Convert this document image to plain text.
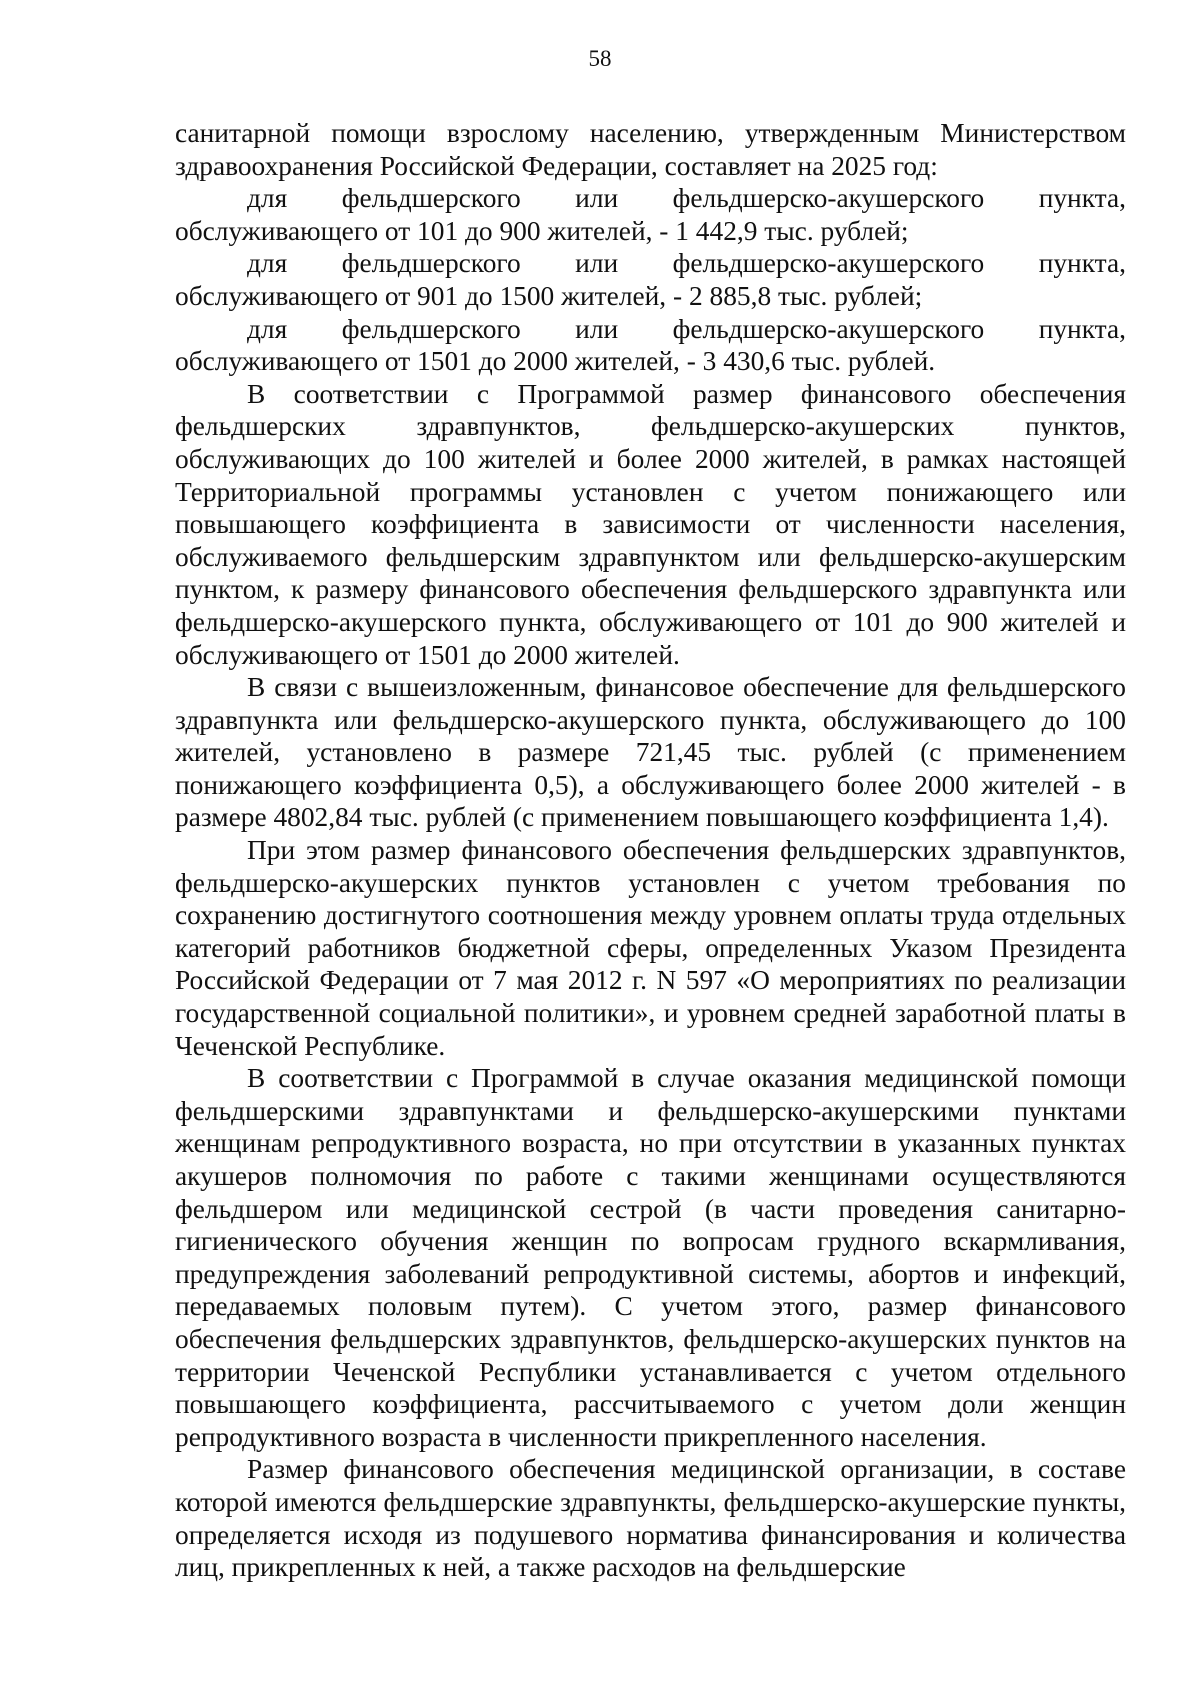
58

санитарной помощи взрослому населению, утвержденным Министерством здравоохранения Российской Федерации, составляет на 2025 год:

для фельдшерского или фельдшерско-акушерского пункта,

обслуживающего от 101 до 900 жителей, - 1 442,9 тыс. рублей;

для фельдшерского или фельдшерско-акушерского пункта,

обслуживающего от 901 до 1500 жителей, - 2 885,8 тыс. рублей;

для фельдшерского или фельдшерско-акушерского пункта,

обслуживающего от 1501 до 2000 жителей, - 3 430,6 тыс. рублей.

В соответствии с Программой размер финансового обеспечения фельдшерских здравпунктов, фельдшерско-акушерских пунктов, обслуживающих до 100 жителей и более 2000 жителей, в рамках настоящей Территориальной программы установлен с учетом понижающего или повышающего коэффициента в зависимости от численности населения, обслуживаемого фельдшерским здравпунктом или фельдшерско-акушерским пунктом, к размеру финансового обеспечения фельдшерского здравпункта или фельдшерско-акушерского пункта, обслуживающего от 101 до 900 жителей и обслуживающего от 1501 до 2000 жителей.

В связи с вышеизложенным, финансовое обеспечение для фельдшерского здравпункта или фельдшерско-акушерского пункта, обслуживающего до 100 жителей, установлено в размере 721,45 тыс. рублей (с применением понижающего коэффициента 0,5), а обслуживающего более 2000 жителей - в размере 4802,84 тыс. рублей (с применением повышающего коэффициента 1,4).

При этом размер финансового обеспечения фельдшерских здравпунктов, фельдшерско-акушерских пунктов установлен с учетом требования по сохранению достигнутого соотношения между уровнем оплаты труда отдельных категорий работников бюджетной сферы, определенных Указом Президента Российской Федерации от 7 мая 2012 г. N 597 «О мероприятиях по реализации государственной социальной политики», и уровнем средней заработной платы в Чеченской Республике.

В соответствии с Программой в случае оказания медицинской помощи фельдшерскими здравпунктами и фельдшерско-акушерскими пунктами женщинам репродуктивного возраста, но при отсутствии в указанных пунктах акушеров полномочия по работе с такими женщинами осуществляются фельдшером или медицинской сестрой (в части проведения санитарно-гигиенического обучения женщин по вопросам грудного вскармливания, предупреждения заболеваний репродуктивной системы, абортов и инфекций, передаваемых половым путем). С учетом этого, размер финансового обеспечения фельдшерских здравпунктов, фельдшерско-акушерских пунктов на территории Чеченской Республики устанавливается с учетом отдельного повышающего коэффициента, рассчитываемого с учетом доли женщин репродуктивного возраста в численности прикрепленного населения.

Размер финансового обеспечения медицинской организации, в составе которой имеются фельдшерские здравпункты, фельдшерско-акушерские пункты, определяется исходя из подушевого норматива финансирования и количества лиц, прикрепленных к ней, а также расходов на фельдшерские
